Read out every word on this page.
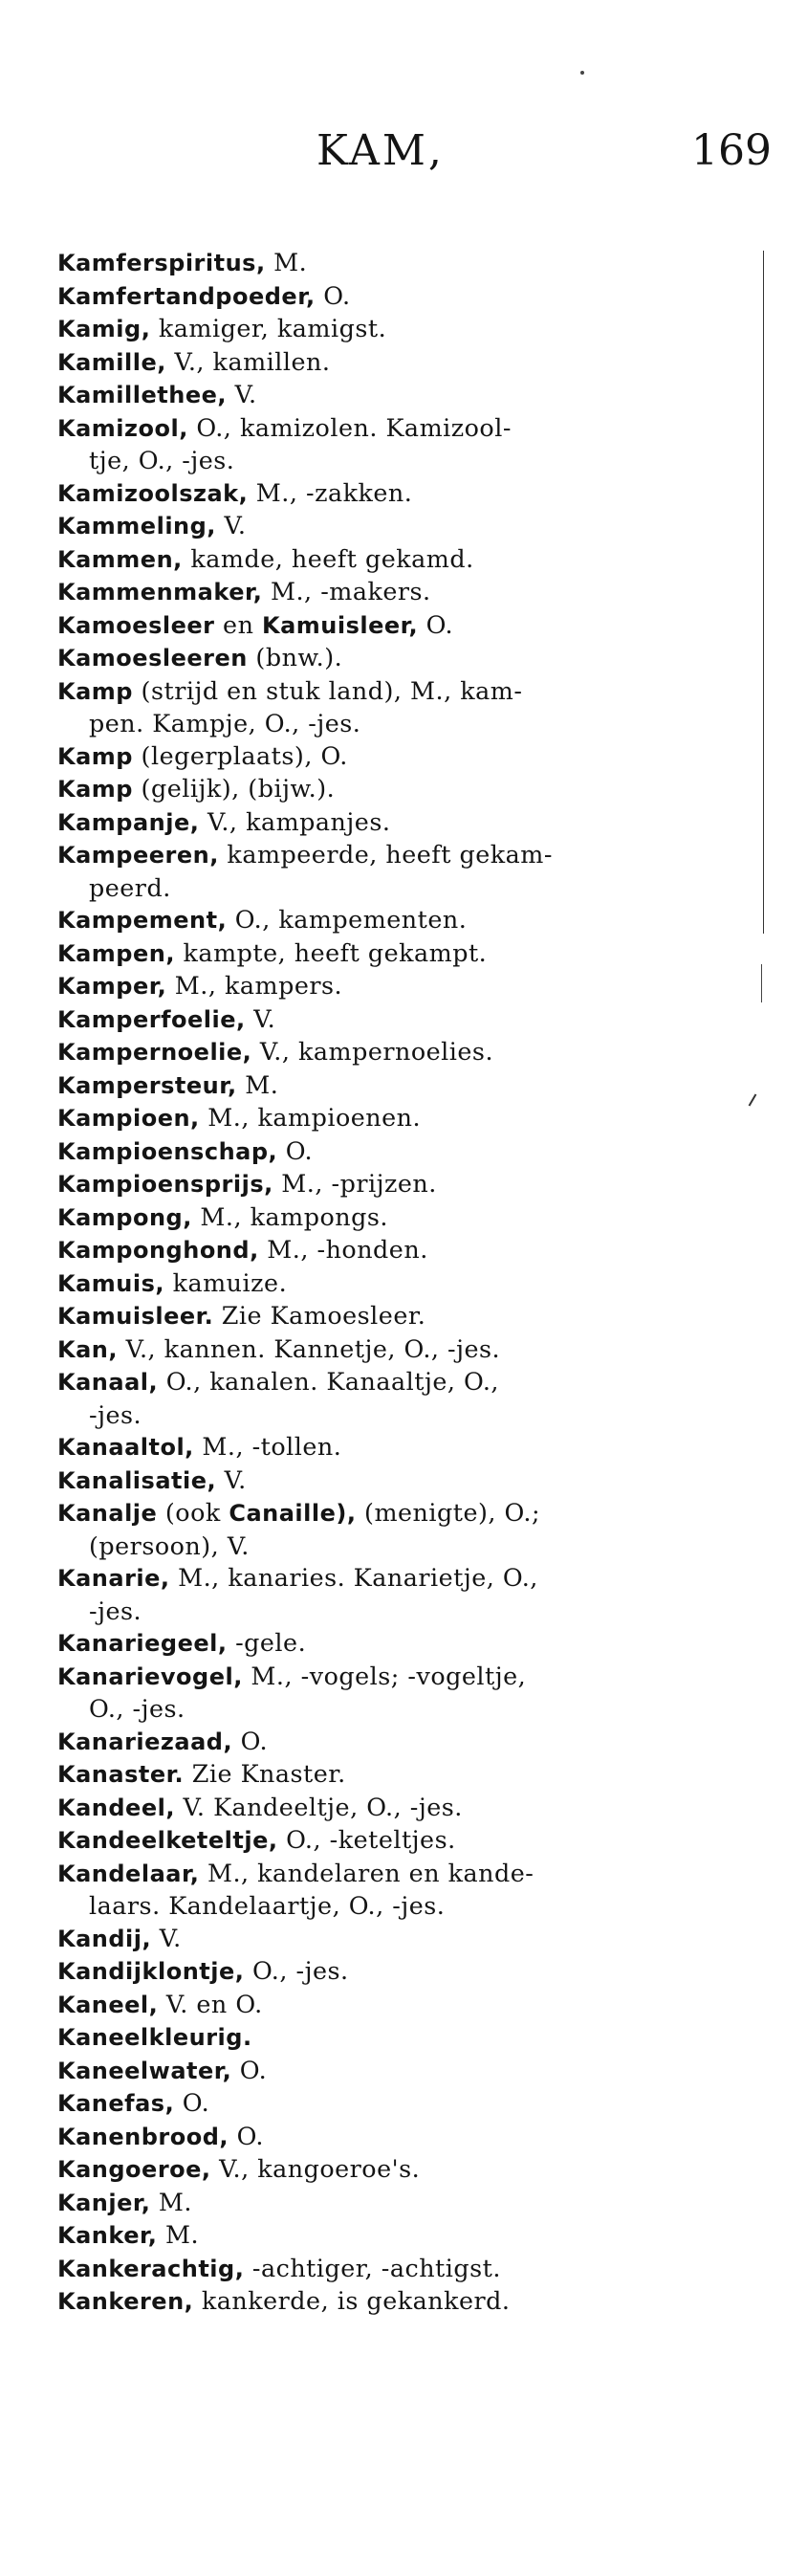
KAM,	169
Kamferspiritus, M.
Kamfertandpoeder, O.
Kamig, kamiger, kamigst.
Kamille, V., kamillen.
Kamillethee, V.
Kamizool, O., kamizolen. Kamizool-
tje, O., -jes.
Kamizoolszak, M., -zakken.
Kammeling, V.
Kammen, kamde, heeft gekamd.
Kammenmaker, M., -makers.
Kamoesleer en Kamuisleer, O.
Kamoesleeren (bnw.).
Kamp (strijd en stuk land), M., kam-
pen. Kampje, O., -jes.
Kamp (legerplaats), O.
Kamp (gelijk), (bijw.).
Kampanje, V., kampanjes.
Kampeeren, kampeerde, heeft gekam-
peerd.
Kampement, O., kampementen.
Kampen, kampte, heeft gekampt.
Kamper, M., kampers.
Kamperfoelie, V.
Kampernoelie, V., kampernoelies.
Kampersteur, M.
Kampioen, M., kampioenen.
Kampioenschap, O.
Kampioensprijs, M., -prijzen.
Kampong, M., kampongs.
Kamponghond, M., -honden.
Kamuis, kamuize.
Kamuisleer. Zie Kamoesleer.
Kan, V., kannen. Kannetje, O., -jes.
Kanaal, O., kanalen. Kanaaltje, O.,
-jes.
Kanaaltol, M., -tollen.
Kanalisatie, V.
Kanalje (ook Canaille), (menigte), O.;
(persoon), V.
Kanarie, M., kanaries. Kanarietje, O.,
-jes.
Kanariegeel, -gele.
Kanarievogel, M., -vogels; -vogeltje,
O., -jes.
Kanariezaad, O.
Kanaster. Zie Knaster.
Kandeel, V. Kandeeltje, O., -jes.
Kandeelketeltje, O., -keteltjes.
Kandelaar, M., kandelaren en kande-
laars. Kandelaartje, O., -jes.
Kandij, V.
Kandijklontje, O., -jes.
Kaneel, V. en O.
Kaneelkleurig.
Kaneelwater, O.
Kanefas, O.
Kanenbrood, O.
Kangoeroe, V., kangoeroe's.
Kanjer, M.
Kanker, M.
Kankerachtig, -achtiger, -achtigst.
Kankeren, kankerde, is gekankerd.
